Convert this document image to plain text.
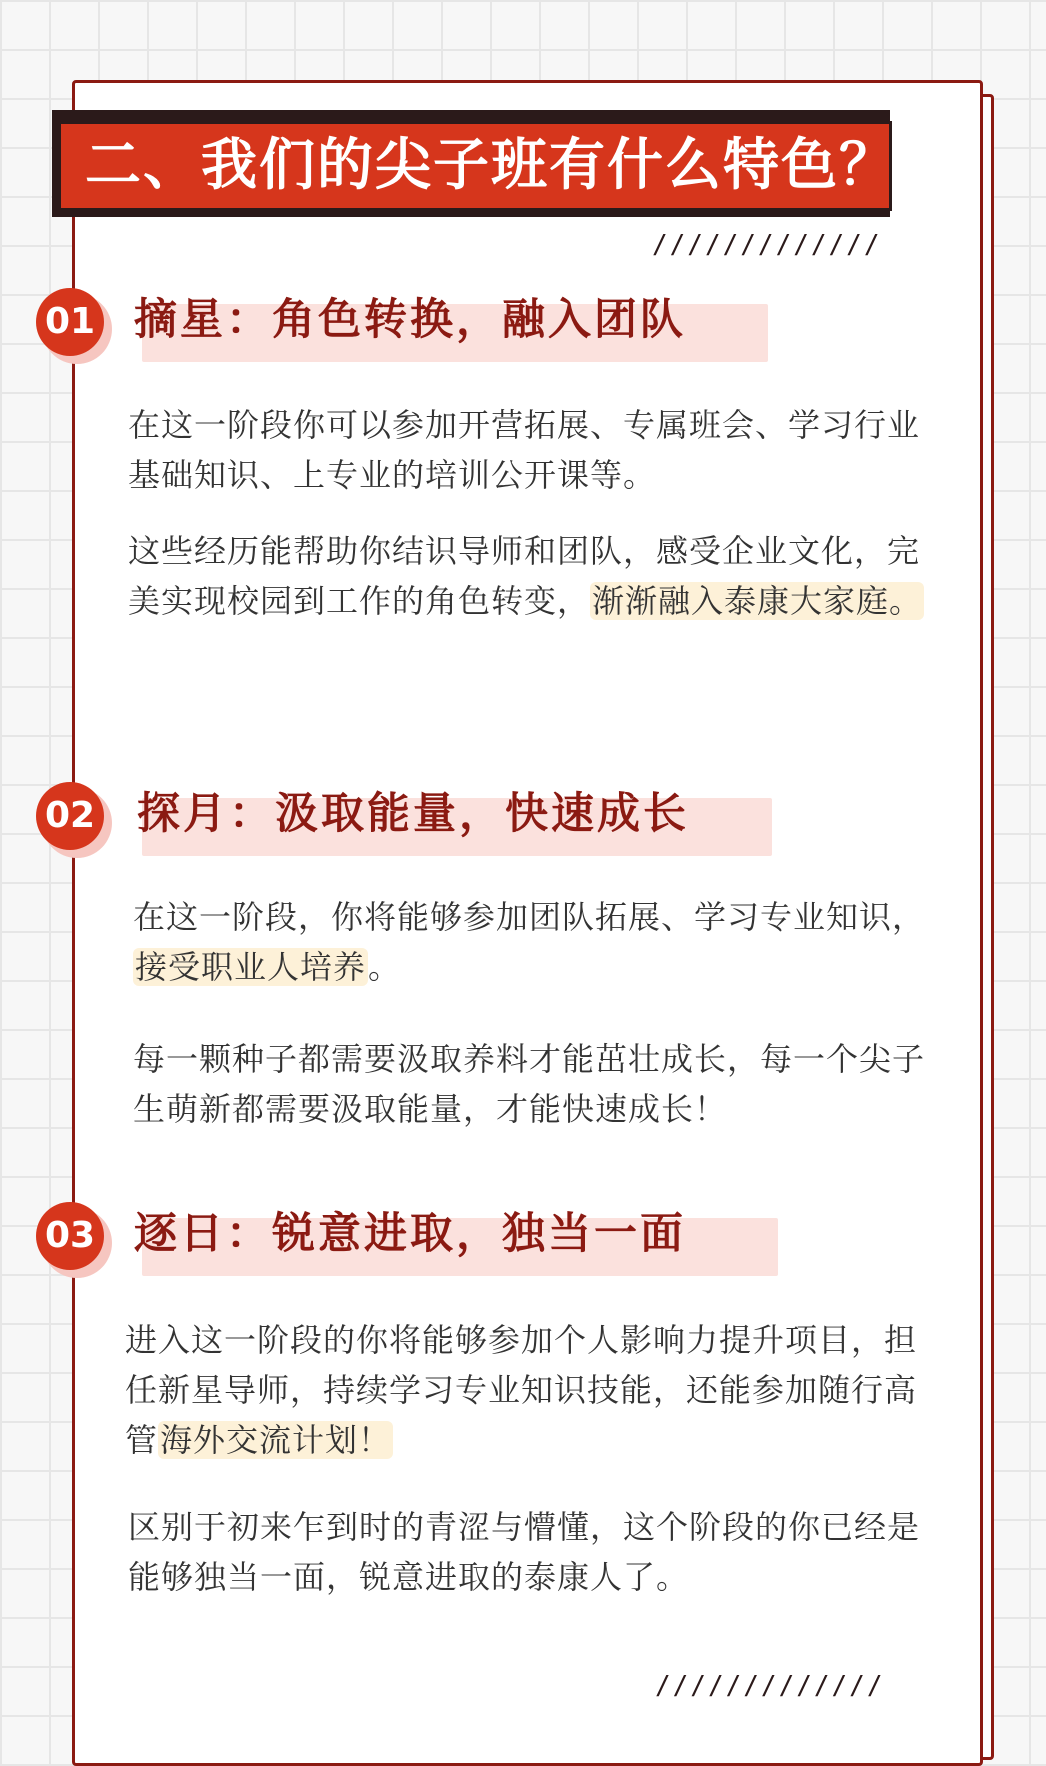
二、我们的尖子班有什么特色？
/////////////
01 摘星：角色转换，融入团队

在这一阶段你可以参加开营拓展、专属班会、学习行业基础知识、上专业的培训公开课等。

这些经历能帮助你结识导师和团队，感受企业文化，完美实现校园到工作的角色转变，渐渐融入泰康大家庭。

02 探月：汲取能量，快速成长

在这一阶段，你将能够参加团队拓展、学习专业知识，接受职业人培养。

每一颗种子都需要汲取养料才能茁壮成长，每一个尖子生萌新都需要汲取能量，才能快速成长！

03 逐日：锐意进取，独当一面

进入这一阶段的你将能够参加个人影响力提升项目，担任新星导师，持续学习专业知识技能，还能参加随行高管海外交流计划！

区别于初来乍到时的青涩与懵懂，这个阶段的你已经是能够独当一面，锐意进取的泰康人了。

/////////////
